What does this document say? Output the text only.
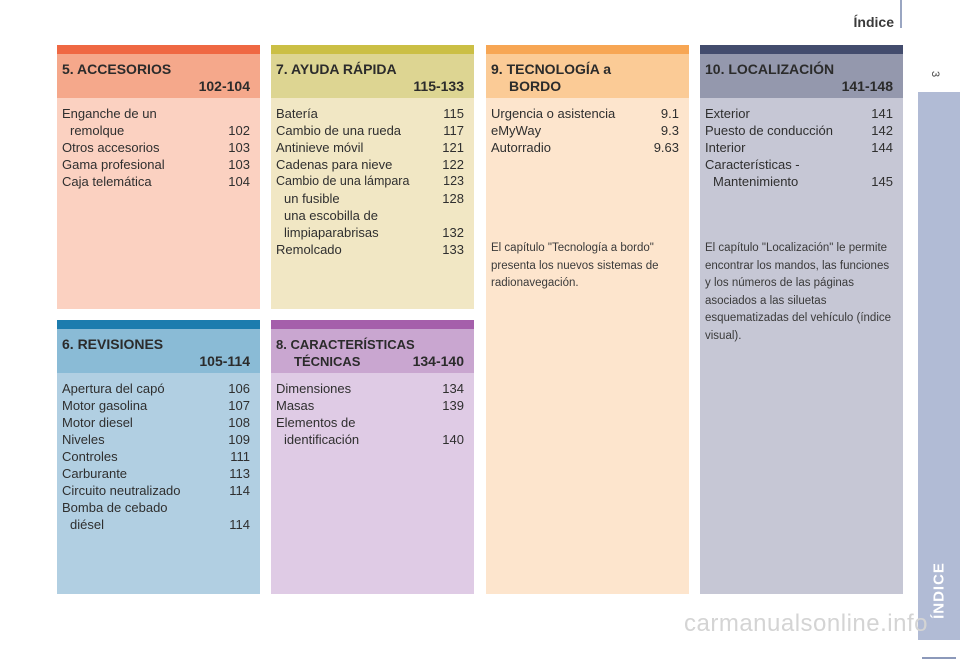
Índice
3
ÍNDICE
5. ACCESORIOS
102-104
Enganche de un
remolque	102
Otros accesorios	103
Gama profesional	103
Caja telemática	104
7. AYUDA RÁPIDA
115-133
Batería	115
Cambio de una rueda	117
Antinieve móvil	121
Cadenas para nieve	122
Cambio de una lámpara	123
un fusible	128
una escobilla de
limpiaparabrisas	132
Remolcado	133
9. TECNOLOGÍA a
BORDO
Urgencia o asistencia	9.1
eMyWay	9.3
Autorradio	9.63
El capítulo "Tecnología a bordo" presenta los nuevos sistemas de radionavegación.
10. LOCALIZACIÓN
141-148
Exterior	141
Puesto de conducción	142
Interior	144
Características -
Mantenimiento	145
El capítulo "Localización" le permite encontrar los mandos, las funciones y los números de las páginas asociados a las siluetas esquematizadas del vehículo (índice visual).
6. REVISIONES
105-114
Apertura del capó	106
Motor gasolina	107
Motor diesel	108
Niveles	109
Controles	111
Carburante	113
Circuito neutralizado	114
Bomba de cebado
diésel	114
8. CARACTERÍSTICAS
TÉCNICAS	134-140
Dimensiones	134
Masas	139
Elementos de
identificación	140
carmanualsonline.info
